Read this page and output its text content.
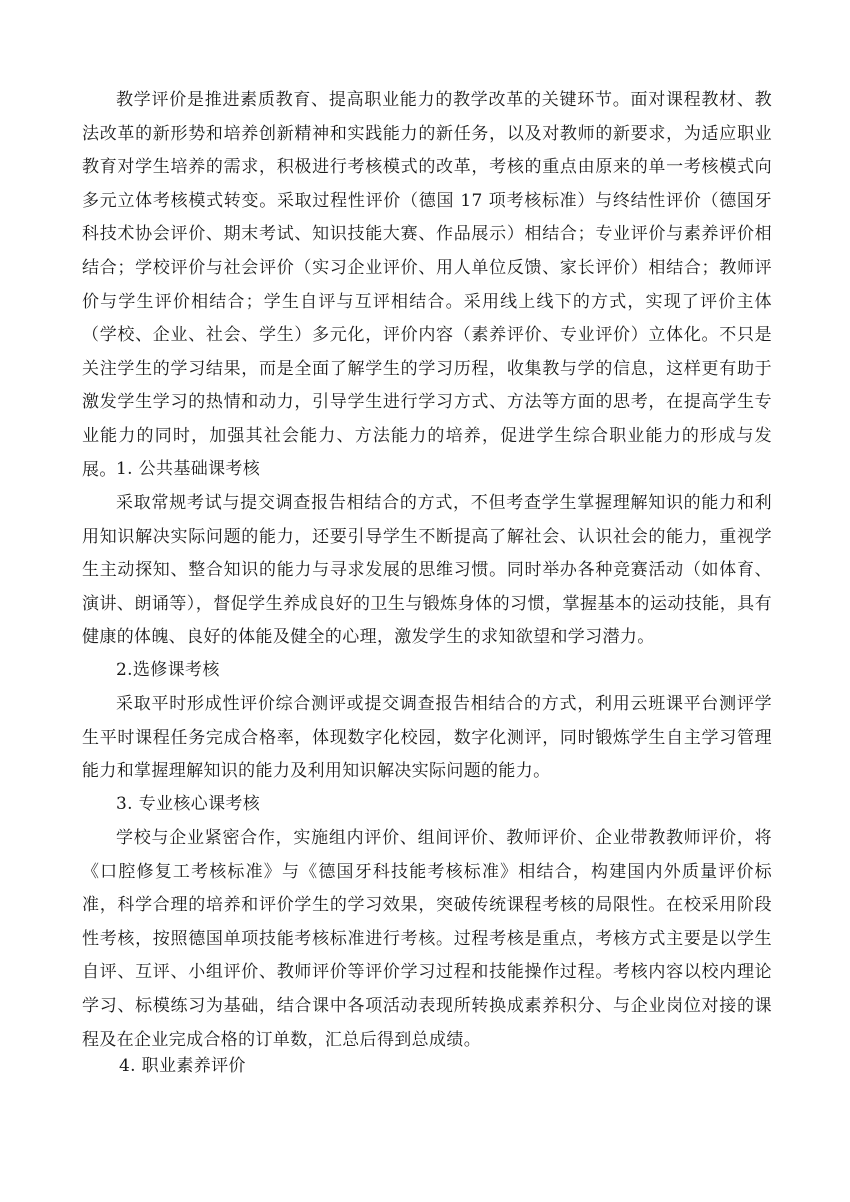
教学评价是推进素质教育、提高职业能力的教学改革的关键环节。面对课程教材、教法改革的新形势和培养创新精神和实践能力的新任务，以及对教师的新要求，为适应职业教育对学生培养的需求，积极进行考核模式的改革，考核的重点由原来的单一考核模式向多元立体考核模式转变。采取过程性评价（德国 17 项考核标准）与终结性评价（德国牙科技术协会评价、期末考试、知识技能大赛、作品展示）相结合；专业评价与素养评价相结合；学校评价与社会评价（实习企业评价、用人单位反馈、家长评价）相结合；教师评价与学生评价相结合；学生自评与互评相结合。采用线上线下的方式，实现了评价主体（学校、企业、社会、学生）多元化，评价内容（素养评价、专业评价）立体化。不只是关注学生的学习结果，而是全面了解学生的学习历程，收集教与学的信息，这样更有助于激发学生学习的热情和动力，引导学生进行学习方式、方法等方面的思考，在提高学生专业能力的同时，加强其社会能力、方法能力的培养，促进学生综合职业能力的形成与发展。 1. 公共基础课考核

采取常规考试与提交调查报告相结合的方式，不但考查学生掌握理解知识的能力和利用知识解决实际问题的能力，还要引导学生不断提高了解社会、认识社会的能力，重视学生主动探知、整合知识的能力与寻求发展的思维习惯。同时举办各种竞赛活动（如体育、演讲、朗诵等），督促学生养成良好的卫生与锻炼身体的习惯，掌握基本的运动技能，具有健康的体魄、良好的体能及健全的心理，激发学生的求知欲望和学习潜力。

2.选修课考核

采取平时形成性评价综合测评或提交调查报告相结合的方式，利用云班课平台测评学生平时课程任务完成合格率，体现数字化校园，数字化测评，同时锻炼学生自主学习管理能力和掌握理解知识的能力及利用知识解决实际问题的能力。

3. 专业核心课考核

学校与企业紧密合作，实施组内评价、组间评价、教师评价、企业带教教师评价，将《口腔修复工考核标准》与《德国牙科技能考核标准》相结合，构建国内外质量评价标准，科学合理的培养和评价学生的学习效果，突破传统课程考核的局限性。在校采用阶段性考核，按照德国单项技能考核标准进行考核。过程考核是重点，考核方式主要是以学生自评、互评、小组评价、教师评价等评价学习过程和技能操作过程。考核内容以校内理论学习、标模练习为基础，结合课中各项活动表现所转换成素养积分、与企业岗位对接的课程及在企业完成合格的订单数，汇总后得到总成绩。

4. 职业素养评价
